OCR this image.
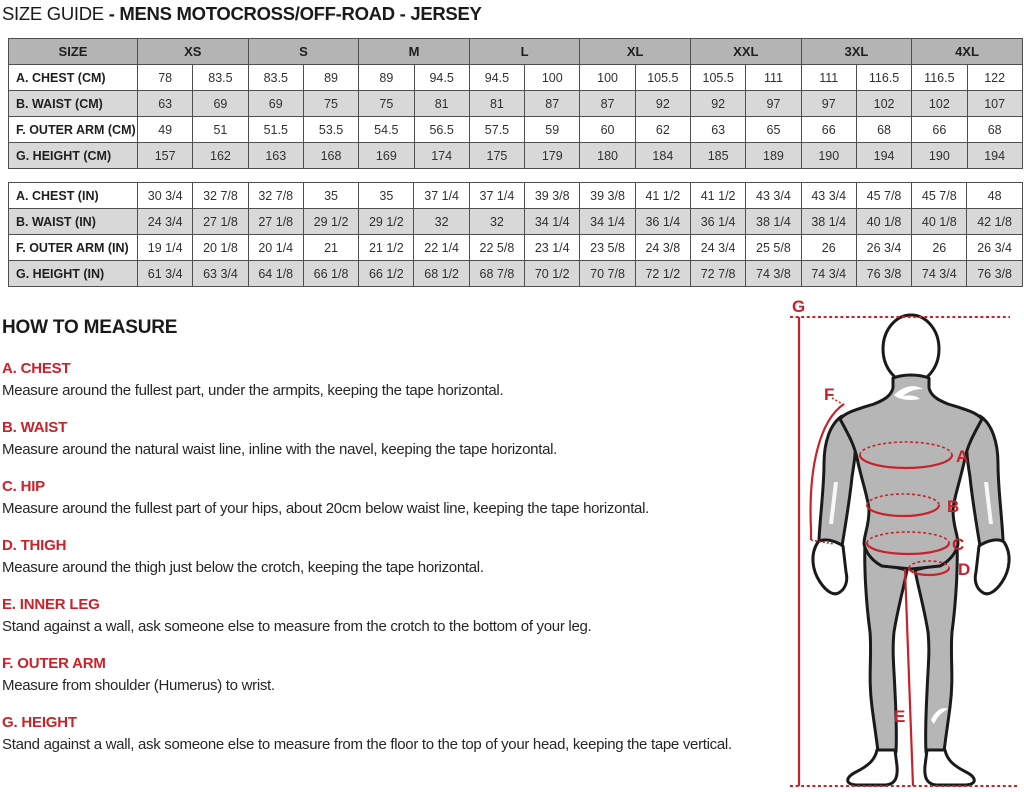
SIZE GUIDE - MENS MOTOCROSS/OFF-ROAD - JERSEY
SIZE	XS		S		M		L		XL		XXL		3XL		4XL	
A. CHEST (CM)	78	83.5	83.5	89	89	94.5	94.5	100	100	105.5	105.5	111	111	116.5	116.5	122
B. WAIST (CM)	63	69	69	75	75	81	81	87	87	92	92	97	97	102	102	107
F. OUTER ARM (CM)	49	51	51.5	53.5	54.5	56.5	57.5	59	60	62	63	65	66	68	66	68
G. HEIGHT (CM)	157	162	163	168	169	174	175	179	180	184	185	189	190	194	190	194
A. CHEST (IN)	30 3/4	32 7/8	32 7/8	35	35	37 1/4	37 1/4	39 3/8	39 3/8	41 1/2	41 1/2	43 3/4	43 3/4	45 7/8	45 7/8	48
B. WAIST (IN)	24 3/4	27 1/8	27 1/8	29 1/2	29 1/2	32	32	34 1/4	34 1/4	36 1/4	36 1/4	38 1/4	38 1/4	40 1/8	40 1/8	42 1/8
F. OUTER ARM (IN)	19 1/4	20 1/8	20 1/4	21	21 1/2	22 1/4	22 5/8	23 1/4	23 5/8	24 3/8	24 3/4	25 5/8	26	26 3/4	26	26 3/4
G. HEIGHT (IN)	61 3/4	63 3/4	64 1/8	66 1/8	66 1/2	68 1/2	68 7/8	70 1/2	70 7/8	72 1/2	72 7/8	74 3/8	74 3/4	76 3/8	74 3/4	76 3/8
HOW TO MEASURE
A. CHEST
Measure around the fullest part, under the armpits, keeping the tape horizontal.
B. WAIST
Measure around the natural waist line, inline with the navel, keeping the tape horizontal.
C. HIP
Measure around the fullest part of your hips, about 20cm below waist line, keeping the tape horizontal.
D. THIGH
Measure around the thigh just below the crotch, keeping the tape horizontal.
E. INNER LEG
Stand against a wall, ask someone else to measure from the crotch to the bottom of your leg.
F. OUTER ARM
Measure from shoulder (Humerus) to wrist.
G. HEIGHT
Stand against a wall, ask someone else to measure from the floor to the top of your head, keeping the tape vertical.
G
F
A
B
C
D
E
